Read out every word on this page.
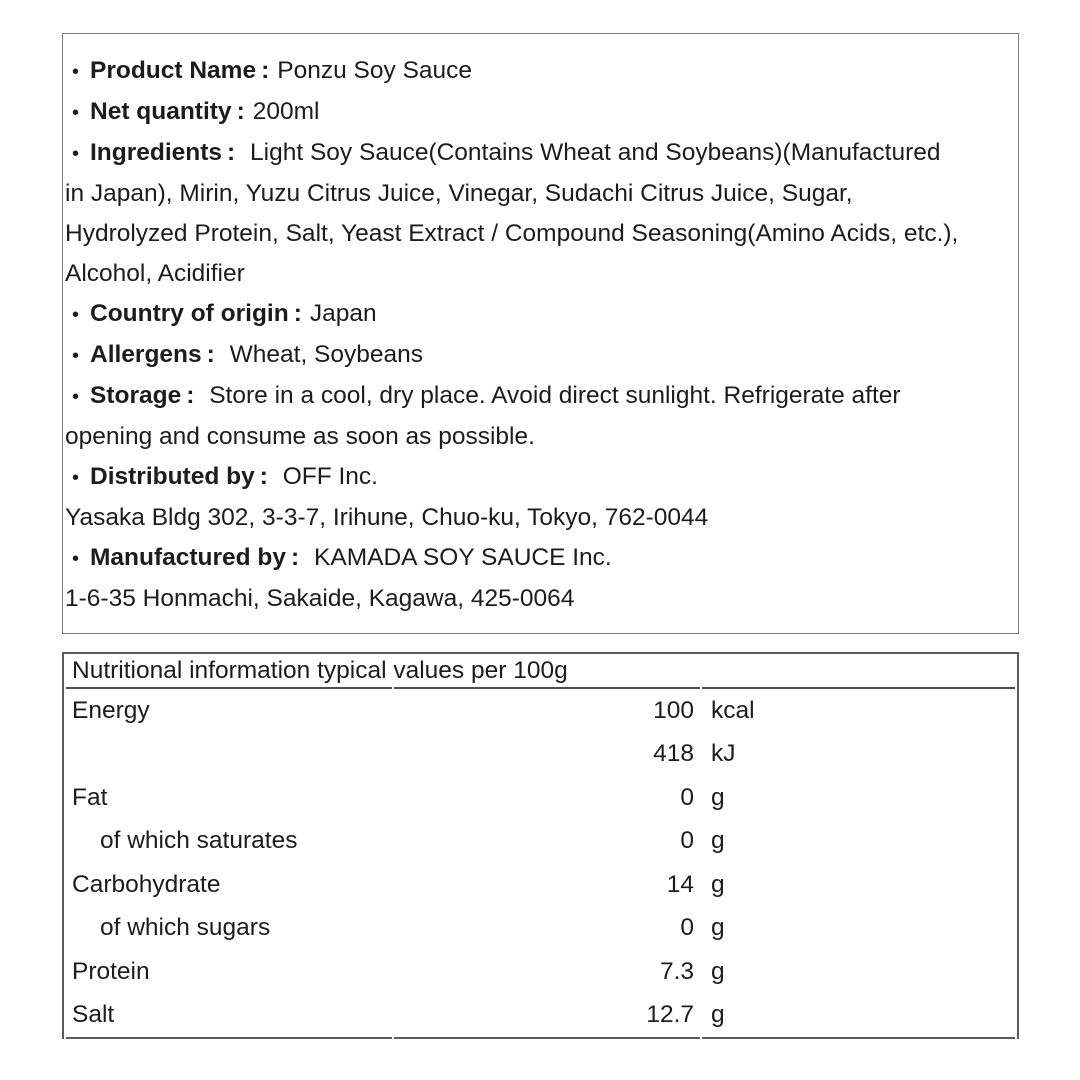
• Product Name : Ponzu Soy Sauce
• Net quantity : 200ml
• Ingredients : Light Soy Sauce(Contains Wheat and Soybeans)(Manufactured
in Japan), Mirin, Yuzu Citrus Juice, Vinegar, Sudachi Citrus Juice, Sugar,
Hydrolyzed Protein, Salt, Yeast Extract / Compound Seasoning(Amino Acids, etc.),
Alcohol, Acidifier
• Country of origin : Japan
• Allergens : Wheat, Soybeans
• Storage : Store in a cool, dry place. Avoid direct sunlight. Refrigerate after
opening and consume as soon as possible.
• Distributed by : OFF Inc.
Yasaka Bldg 302, 3-3-7, Irihune, Chuo-ku, Tokyo, 762-0044
• Manufactured by : KAMADA SOY SAUCE Inc.
1-6-35 Honmachi, Sakaide, Kagawa, 425-0064
Nutritional information typical values per 100g		
Energy	100	kcal
	418	kJ
Fat	0	g
of which saturates	0	g
Carbohydrate	14	g
of which sugars	0	g
Protein	7.3	g
Salt	12.7	g
